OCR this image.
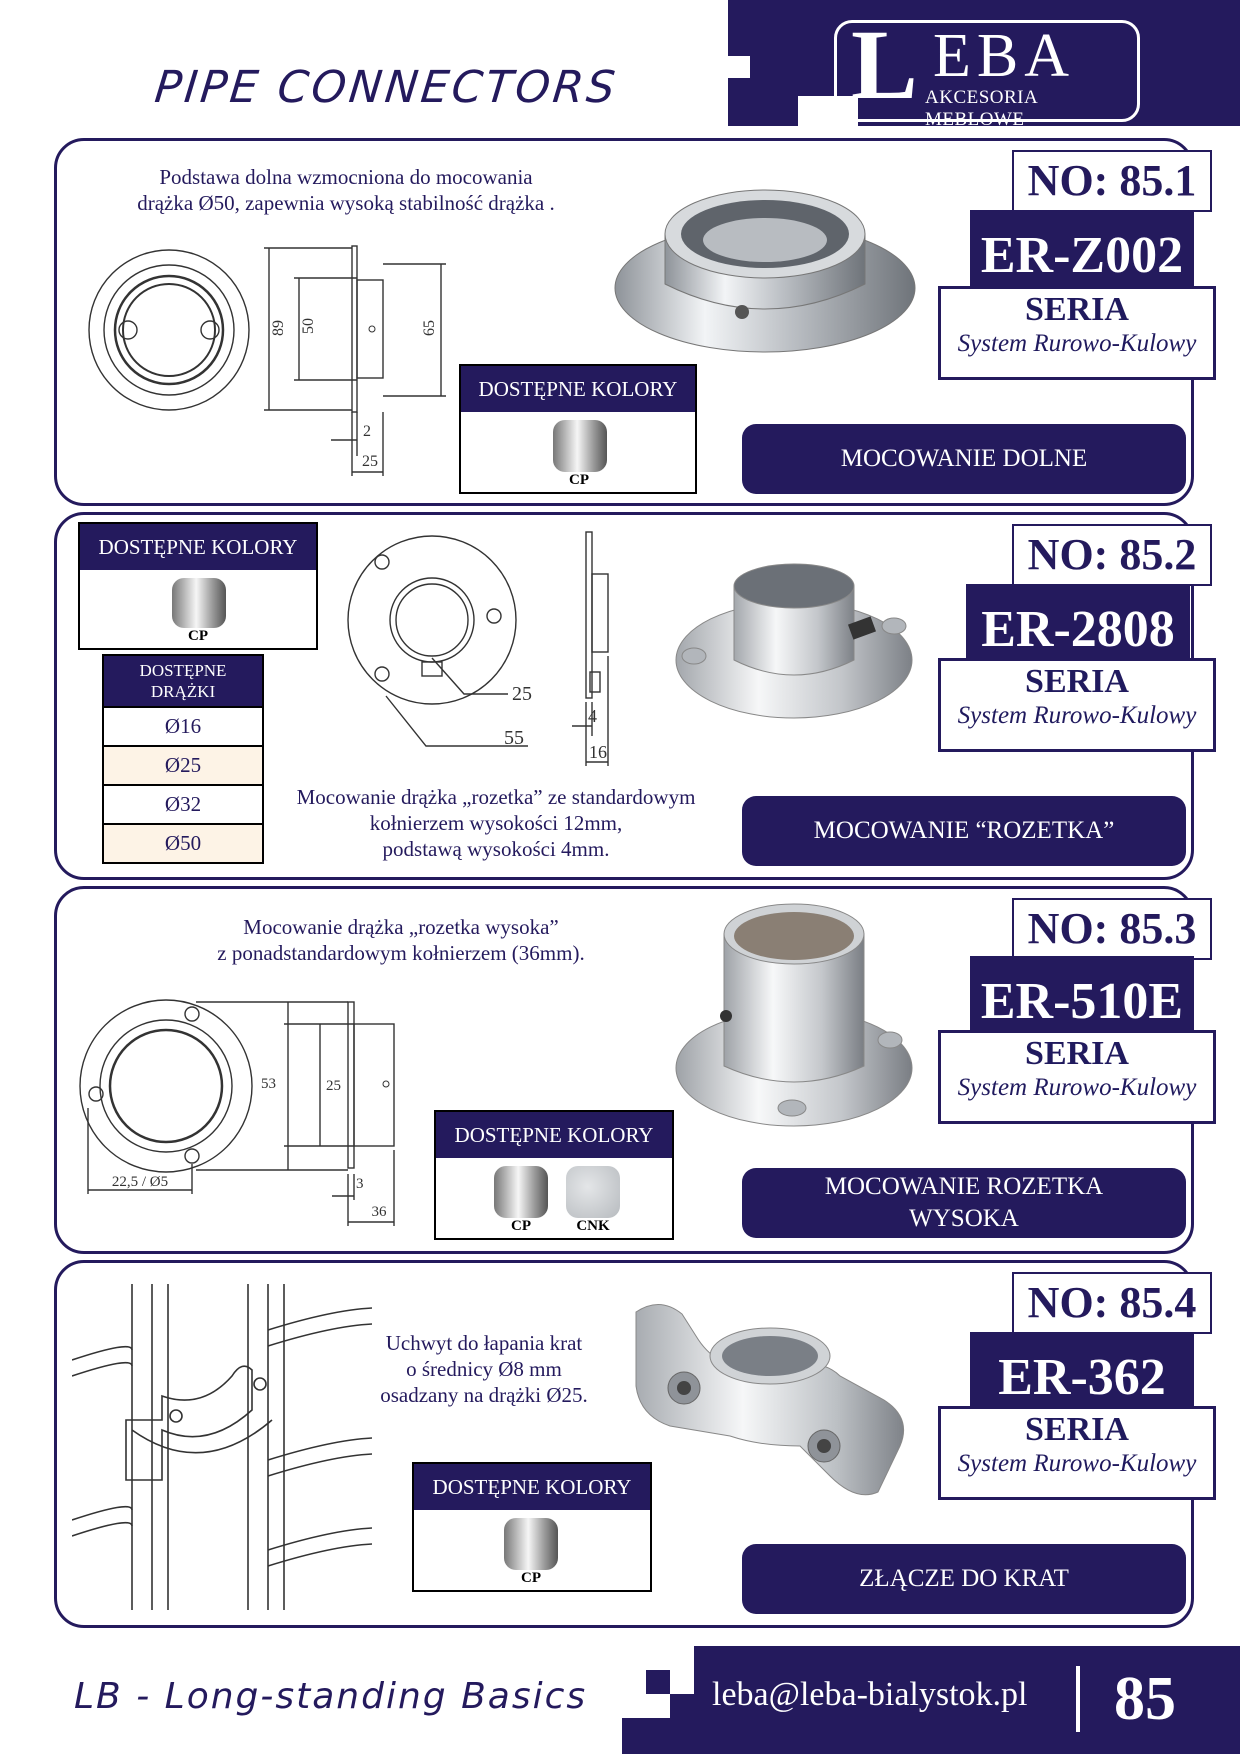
PIPE CONNECTORS L EBA
AKCESORIA MEBLOWE
Podstawa dolna wzmocniona do mocowania
drążka Ø50, zapewnia wysoką stabilność drążka .
89 50	65
2
25
DOSTĘPNE KOLORY
CP
NO: 85.1
ER-Z002
SERIA
System Rurowo-Kulowy
MOCOWANIE DOLNE
DOSTĘPNE KOLORY
CP
DOSTĘPNE
DRĄŻKI
Ø16
Ø25
Ø32
Ø50
25
55
4
16
Mocowanie drążka „rozetka” ze standardowym
kołnierzem wysokości 12mm,
podstawą wysokości 4mm.
NO: 85.2
ER-2808
SERIA
System Rurowo-Kulowy
MOCOWANIE “ROZETKA”
Mocowanie drążka „rozetka wysoka”
z ponadstandardowym kołnierzem (36mm).
53	25
22,5 / Ø5	3
36
DOSTĘPNE KOLORY
CP	CNK
NO: 85.3
ER-510E
SERIA
System Rurowo-Kulowy
MOCOWANIE ROZETKA
WYSOKA
Uchwyt do łapania krat
o średnicy Ø8 mm
osadzany na drążki Ø25.
DOSTĘPNE KOLORY
CP
NO: 85.4
ER-362
SERIA
System Rurowo-Kulowy
ZŁĄCZE DO KRAT
LB - Long-standing Basics	leba@leba-bialystok.pl 85
